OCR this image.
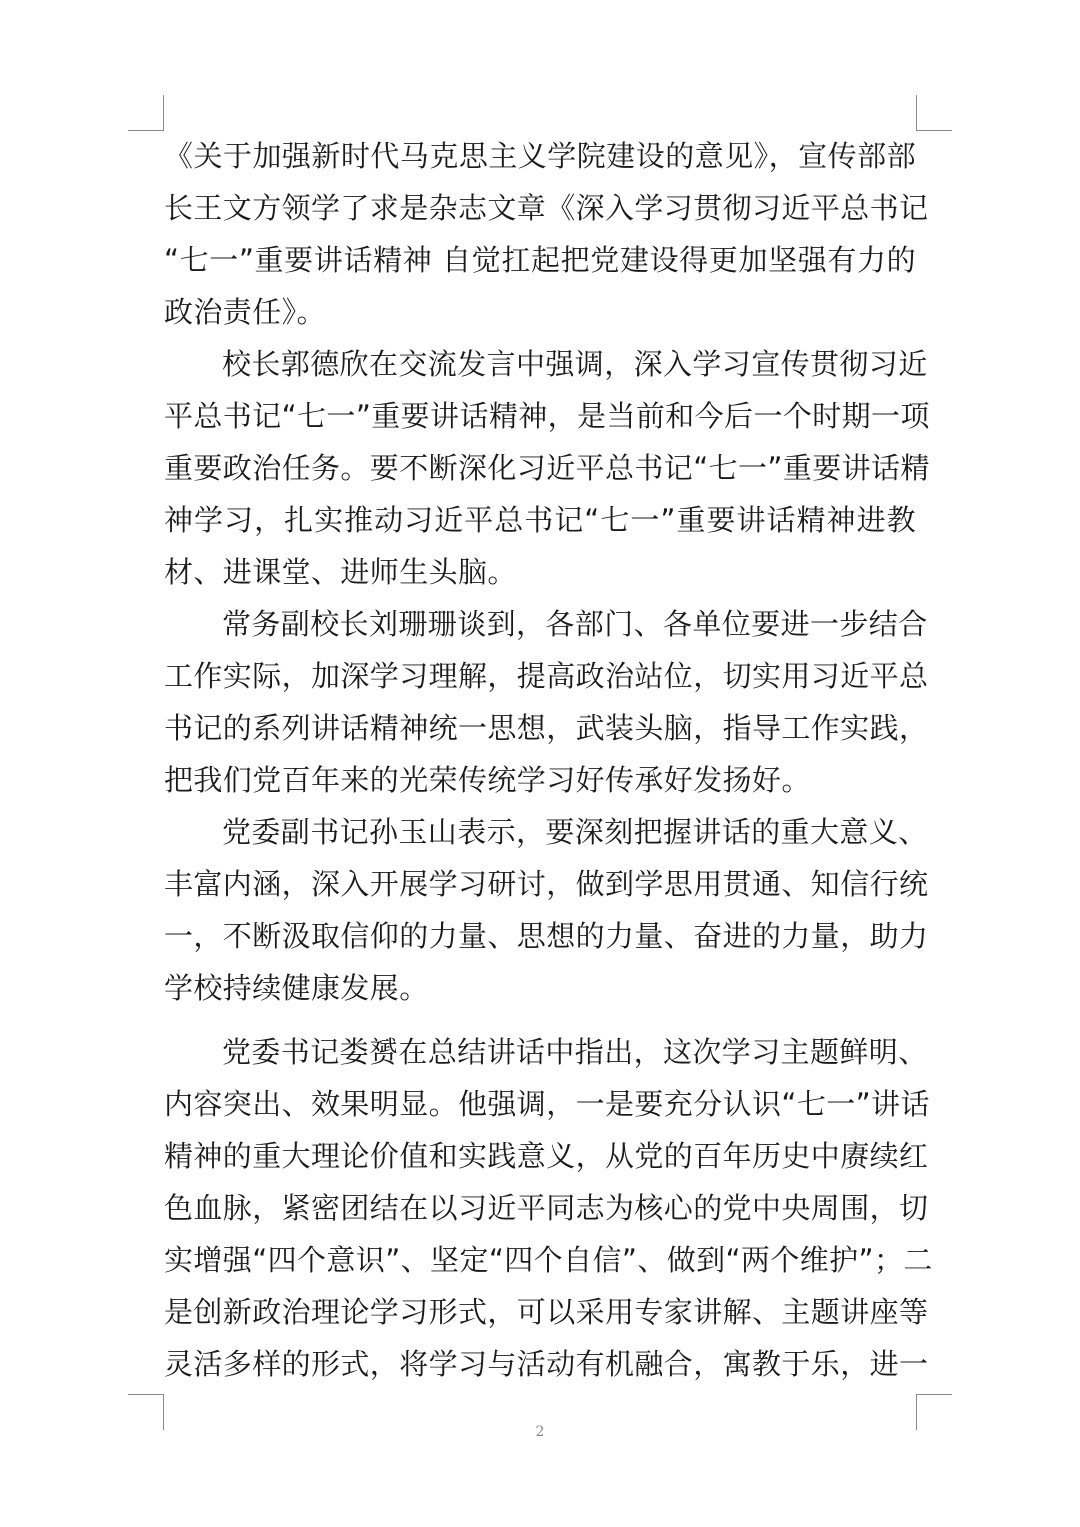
《关于加强新时代马克思主义学院建设的意见》，宣传部部
长王文方领学了求是杂志文章《深入学习贯彻习近平总书记
“七一”重要讲话精神 自觉扛起把党建设得更加坚强有力的
政治责任》。
校长郭德欣在交流发言中强调，深入学习宣传贯彻习近
平总书记“七一”重要讲话精神，是当前和今后一个时期一项
重要政治任务。要不断深化习近平总书记“七一”重要讲话精
神学习，扎实推动习近平总书记“七一”重要讲话精神进教
材、进课堂、进师生头脑。
常务副校长刘珊珊谈到，各部门、各单位要进一步结合
工作实际，加深学习理解，提高政治站位，切实用习近平总
书记的系列讲话精神统一思想，武装头脑，指导工作实践，
把我们党百年来的光荣传统学习好传承好发扬好。
党委副书记孙玉山表示，要深刻把握讲话的重大意义、
丰富内涵，深入开展学习研讨，做到学思用贯通、知信行统
一，不断汲取信仰的力量、思想的力量、奋进的力量，助力
学校持续健康发展。
党委书记娄赟在总结讲话中指出，这次学习主题鲜明、
内容突出、效果明显。他强调，一是要充分认识“七一”讲话
精神的重大理论价值和实践意义，从党的百年历史中赓续红
色血脉，紧密团结在以习近平同志为核心的党中央周围，切
实增强“四个意识”、坚定“四个自信”、做到“两个维护”；二
是创新政治理论学习形式，可以采用专家讲解、主题讲座等
灵活多样的形式，将学习与活动有机融合，寓教于乐，进一
2
